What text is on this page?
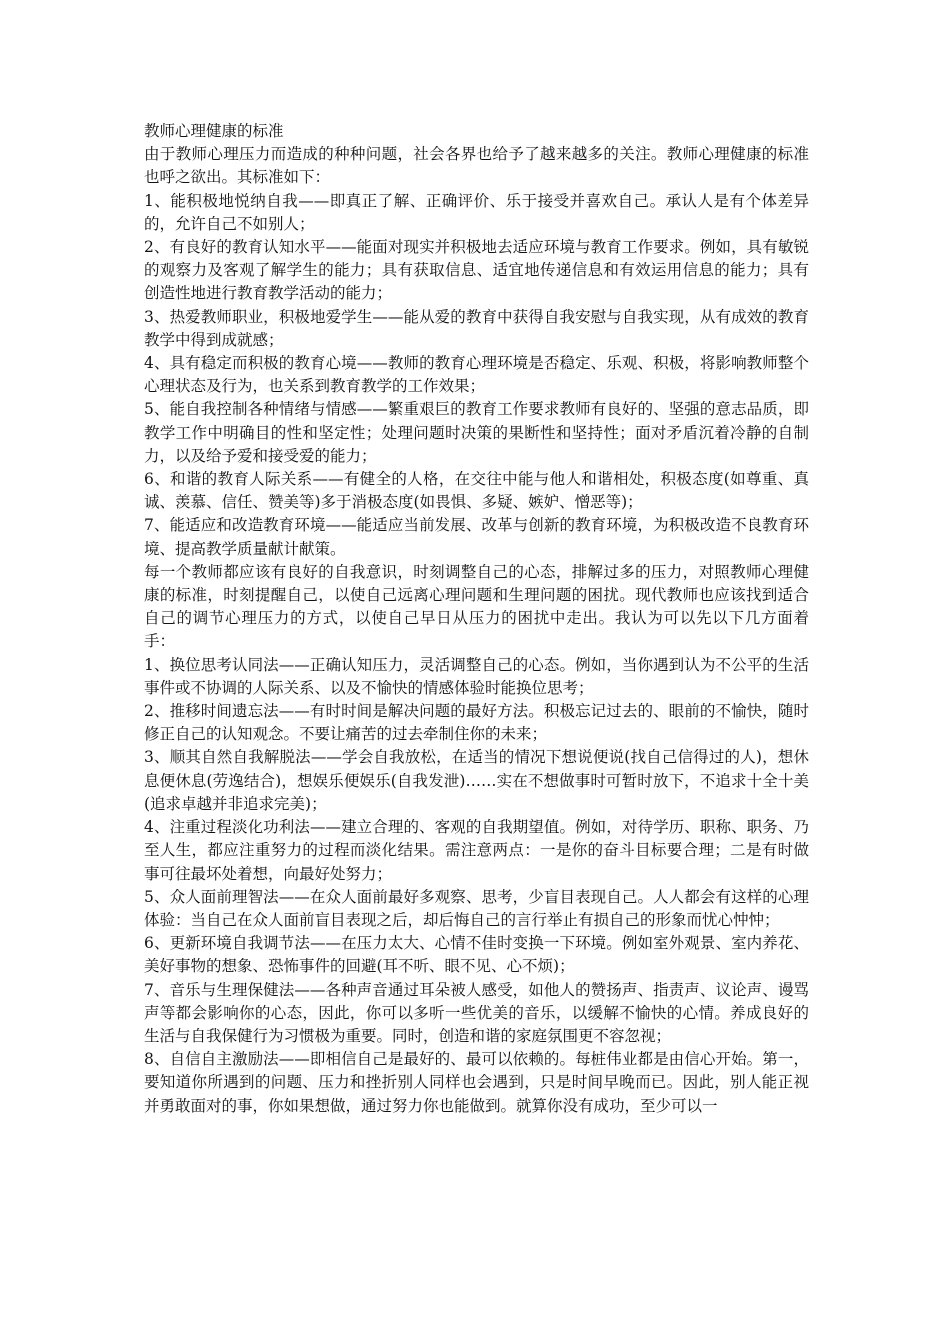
教师心理健康的标准

由于教师心理压力而造成的种种问题，社会各界也给予了越来越多的关注。教师心理健康的标准也呼之欲出。其标准如下：

1、能积极地悦纳自我——即真正了解、正确评价、乐于接受并喜欢自己。承认人是有个体差异的，允许自己不如别人；

2、有良好的教育认知水平——能面对现实并积极地去适应环境与教育工作要求。例如，具有敏锐的观察力及客观了解学生的能力；具有获取信息、适宜地传递信息和有效运用信息的能力；具有创造性地进行教育教学活动的能力；

3、热爱教师职业，积极地爱学生——能从爱的教育中获得自我安慰与自我实现，从有成效的教育教学中得到成就感；

4、具有稳定而积极的教育心境——教师的教育心理环境是否稳定、乐观、积极，将影响教师整个心理状态及行为，也关系到教育教学的工作效果；

5、能自我控制各种情绪与情感——繁重艰巨的教育工作要求教师有良好的、坚强的意志品质，即教学工作中明确目的性和坚定性；处理问题时决策的果断性和坚持性；面对矛盾沉着冷静的自制力，以及给予爱和接受爱的能力；

6、和谐的教育人际关系——有健全的人格，在交往中能与他人和谐相处，积极态度(如尊重、真诚、羡慕、信任、赞美等)多于消极态度(如畏惧、多疑、嫉妒、憎恶等)；

7、能适应和改造教育环境——能适应当前发展、改革与创新的教育环境，为积极改造不良教育环境、提高教学质量献计献策。

每一个教师都应该有良好的自我意识，时刻调整自己的心态，排解过多的压力，对照教师心理健康的标准，时刻提醒自己，以使自己远离心理问题和生理问题的困扰。现代教师也应该找到适合自己的调节心理压力的方式，以使自己早日从压力的困扰中走出。我认为可以先以下几方面着手：

1、换位思考认同法——正确认知压力，灵活调整自己的心态。例如，当你遇到认为不公平的生活事件或不协调的人际关系、以及不愉快的情感体验时能换位思考；

2、推移时间遗忘法——有时时间是解决问题的最好方法。积极忘记过去的、眼前的不愉快，随时修正自己的认知观念。不要让痛苦的过去牵制住你的未来；

3、顺其自然自我解脱法——学会自我放松，在适当的情况下想说便说(找自己信得过的人)，想休息便休息(劳逸结合)，想娱乐便娱乐(自我发泄)……实在不想做事时可暂时放下，不追求十全十美(追求卓越并非追求完美)；

4、注重过程淡化功利法——建立合理的、客观的自我期望值。例如，对待学历、职称、职务、乃至人生，都应注重努力的过程而淡化结果。需注意两点：一是你的奋斗目标要合理；二是有时做事可往最坏处着想，向最好处努力；

5、众人面前理智法——在众人面前最好多观察、思考，少盲目表现自己。人人都会有这样的心理体验：当自己在众人面前盲目表现之后，却后悔自己的言行举止有损自己的形象而忧心忡忡；

6、更新环境自我调节法——在压力太大、心情不佳时变换一下环境。例如室外观景、室内养花、美好事物的想象、恐怖事件的回避(耳不听、眼不见、心不烦)；

7、音乐与生理保健法——各种声音通过耳朵被人感受，如他人的赞扬声、指责声、议论声、谩骂声等都会影响你的心态，因此，你可以多听一些优美的音乐，以缓解不愉快的心情。养成良好的生活与自我保健行为习惯极为重要。同时，创造和谐的家庭氛围更不容忽视；

8、自信自主激励法——即相信自己是最好的、最可以依赖的。每桩伟业都是由信心开始。第一，要知道你所遇到的问题、压力和挫折别人同样也会遇到，只是时间早晚而已。因此，别人能正视并勇敢面对的事，你如果想做，通过努力你也能做到。就算你没有成功，至少可以一
